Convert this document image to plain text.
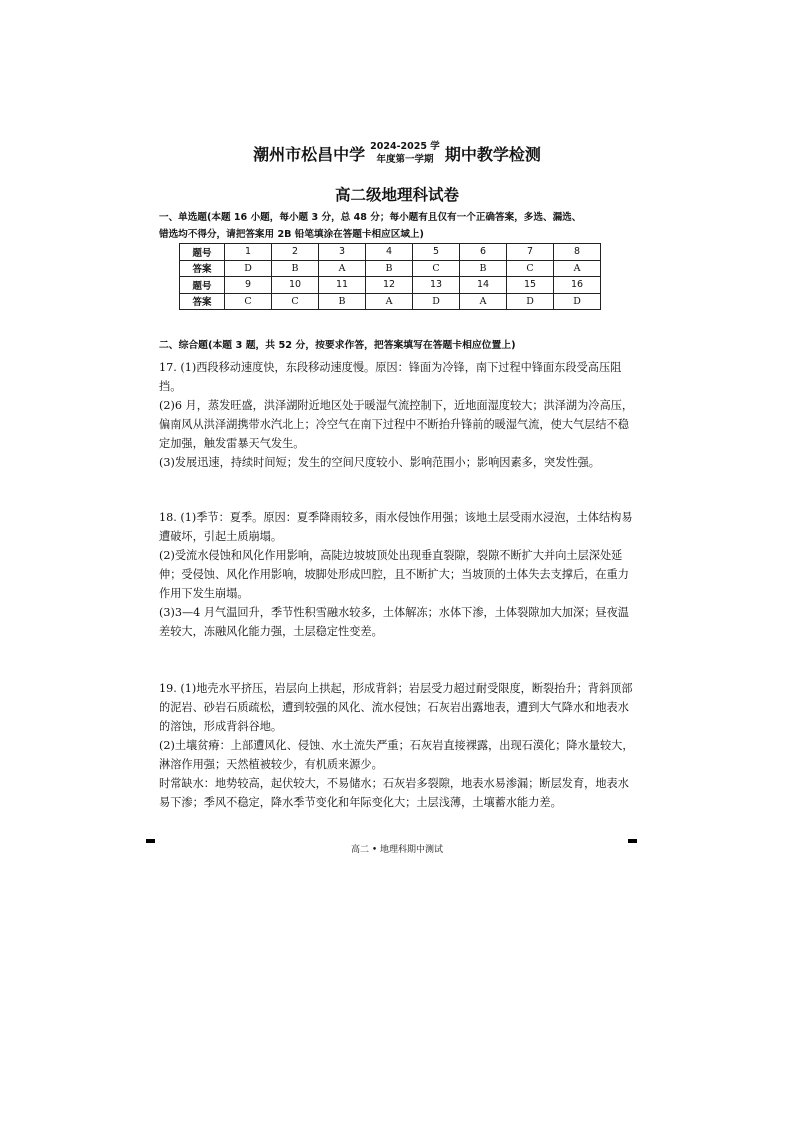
潮州市松昌中学 2024-2025 学
年度第一学期 期中教学检测
高二级地理科试卷
一、单选题(本题 16 小题，每小题 3 分，总 48 分；每小题有且仅有一个正确答案，多选、漏选、
错选均不得分，请把答案用 2B 铅笔填涂在答题卡相应区域上)
题号	1	2	3	4	5	6	7	8
答案	D	B	A	B	C	B	C	A
题号	9	10	11	12	13	14	15	16
答案	C	C	B	A	D	A	D	D
二、综合题(本题 3 题，共 52 分，按要求作答，把答案填写在答题卡相应位置上)

17. (1)西段移动速度快，东段移动速度慢。原因：锋面为冷锋，南下过程中锋面东段受高压阻挡。

(2)6 月，蒸发旺盛，洪泽湖附近地区处于暖湿气流控制下，近地面湿度较大；洪泽湖为冷高压，偏南风从洪泽湖携带水汽北上；冷空气在南下过程中不断抬升锋前的暖湿气流，使大气层结不稳定加强，触发雷暴天气发生。

(3)发展迅速，持续时间短；发生的空间尺度较小、影响范围小；影响因素多，突发性强。

18. (1)季节：夏季。原因：夏季降雨较多，雨水侵蚀作用强；该地土层受雨水浸泡，土体结构易遭破坏，引起土质崩塌。

(2)受流水侵蚀和风化作用影响，高陡边坡坡顶处出现垂直裂隙，裂隙不断扩大并向土层深处延伸；受侵蚀、风化作用影响，坡脚处形成凹腔，且不断扩大；当坡顶的土体失去支撑后，在重力作用下发生崩塌。

(3)3—4 月气温回升，季节性积雪融水较多，土体解冻；水体下渗，土体裂隙加大加深；昼夜温差较大，冻融风化能力强，土层稳定性变差。

19. (1)地壳水平挤压，岩层向上拱起，形成背斜；岩层受力超过耐受限度，断裂抬升；背斜顶部的泥岩、砂岩石质疏松，遭到较强的风化、流水侵蚀；石灰岩出露地表，遭到大气降水和地表水的溶蚀，形成背斜谷地。

(2)土壤贫瘠：上部遭风化、侵蚀、水土流失严重；石灰岩直接裸露，出现石漠化；降水量较大，淋溶作用强；天然植被较少，有机质来源少。

时常缺水：地势较高，起伏较大，不易储水；石灰岩多裂隙，地表水易渗漏；断层发育，地表水易下渗；季风不稳定，降水季节变化和年际变化大；土层浅薄，土壤蓄水能力差。

高二 • 地理科期中测试
